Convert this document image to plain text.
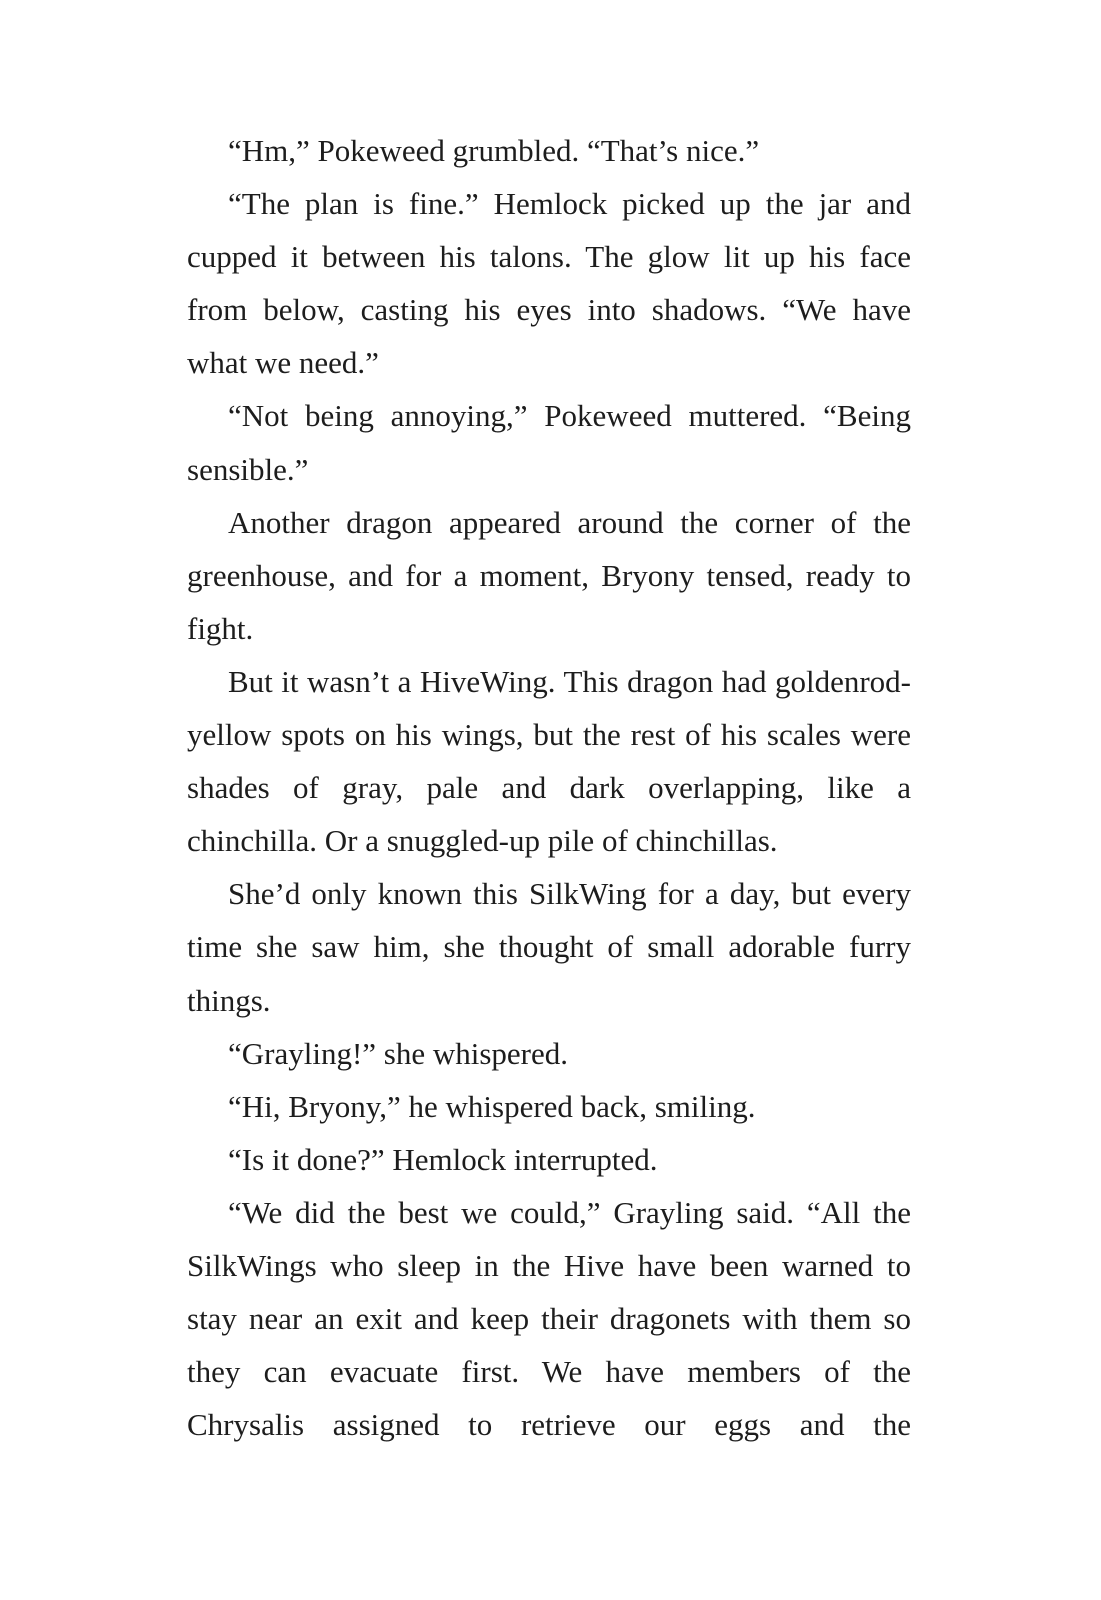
“Hm,” Pokeweed grumbled. “That’s nice.”

“The plan is fine.” Hemlock picked up the jar and cupped it between his talons. The glow lit up his face from below, casting his eyes into shadows. “We have what we need.”

“Not being annoying,” Pokeweed muttered. “Being sensible.”

Another dragon appeared around the corner of the greenhouse, and for a moment, Bryony tensed, ready to fight.

But it wasn’t a HiveWing. This dragon had goldenrod-yellow spots on his wings, but the rest of his scales were shades of gray, pale and dark overlapping, like a chinchilla. Or a snuggled-up pile of chinchillas.

She’d only known this SilkWing for a day, but every time she saw him, she thought of small adorable furry things.

“Grayling!” she whispered.

“Hi, Bryony,” he whispered back, smiling.

“Is it done?” Hemlock interrupted.

“We did the best we could,” Grayling said. “All the SilkWings who sleep in the Hive have been warned to stay near an exit and keep their dragonets with them so they can evacuate first. We have members of the Chrysalis assigned to retrieve our eggs and the
